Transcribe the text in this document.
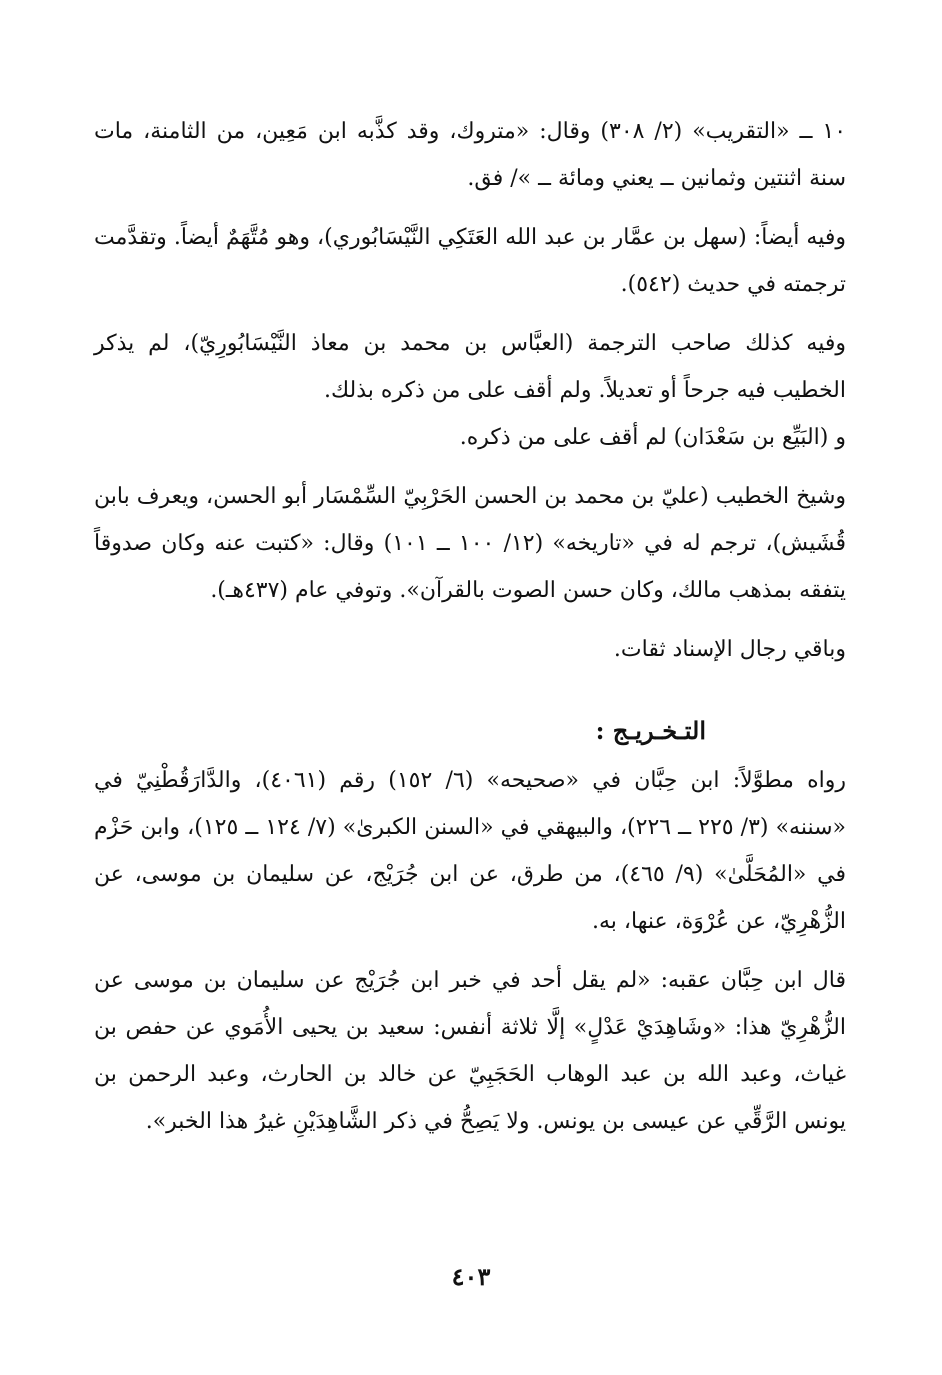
١٠ ــ «التقريب» (٢/ ٣٠٨) وقال: «متروك، وقد كذَّبه ابن مَعِين، من الثامنة، مات سنة اثنتين وثمانين ــ يعني ومائة ــ »/ فق.

وفيه أيضاً: (سهل بن عمَّار بن عبد الله العَتَكِي النَّيْسَابُوري)، وهو مُتَّهَمٌ أيضاً. وتقدَّمت ترجمته في حديث (٥٤٢).

وفيه كذلك صاحب الترجمة (العبَّاس بن محمد بن معاذ النَّيْسَابُورِيّ)، لم يذكر الخطيب فيه جرحاً أو تعديلاً. ولم أقف على من ذكره بذلك.

و (البَيِّع بن سَعْدَان) لم أقف على من ذكره.

وشيخ الخطيب (عليّ بن محمد بن الحسن الحَرْبِيّ السِّمْسَار أبو الحسن، ويعرف بابن قُشَيش)، ترجم له في «تاريخه» (١٢/ ١٠٠ ــ ١٠١) وقال: «كتبت عنه وكان صدوقاً يتفقه بمذهب مالك، وكان حسن الصوت بالقرآن». وتوفي عام (٤٣٧هـ).

وباقي رجال الإسناد ثقات.

التـخـريـج :

رواه مطوَّلاً: ابن حِبَّان في «صحيحه» (٦/ ١٥٢) رقم (٤٠٦١)، والدَّارَقُطْنِيّ في «سننه» (٣/ ٢٢٥ ــ ٢٢٦)، والبيهقي في «السنن الكبرىٰ» (٧/ ١٢٤ ــ ١٢٥)، وابن حَزْم في «المُحَلَّىٰ» (٩/ ٤٦٥)، من طرق، عن ابن جُرَيْج، عن سليمان بن موسى، عن الزُّهْرِيّ، عن عُرْوَة، عنها، به.

قال ابن حِبَّان عقبه: «لم يقل أحد في خبر ابن جُرَيْج عن سليمان بن موسى عن الزُّهْرِيّ هذا: «وشَاهِدَيْ عَدْلٍ» إلَّا ثلاثة أنفس: سعيد بن يحيى الأُمَوي عن حفص بن غياث، وعبد الله بن عبد الوهاب الحَجَبِيّ عن خالد بن الحارث، وعبد الرحمن بن يونس الرَّقِّي عن عيسى بن يونس. ولا يَصِحُّ في ذكر الشَّاهِدَيْنِ غيرُ هذا الخبر».

٤٠٣
